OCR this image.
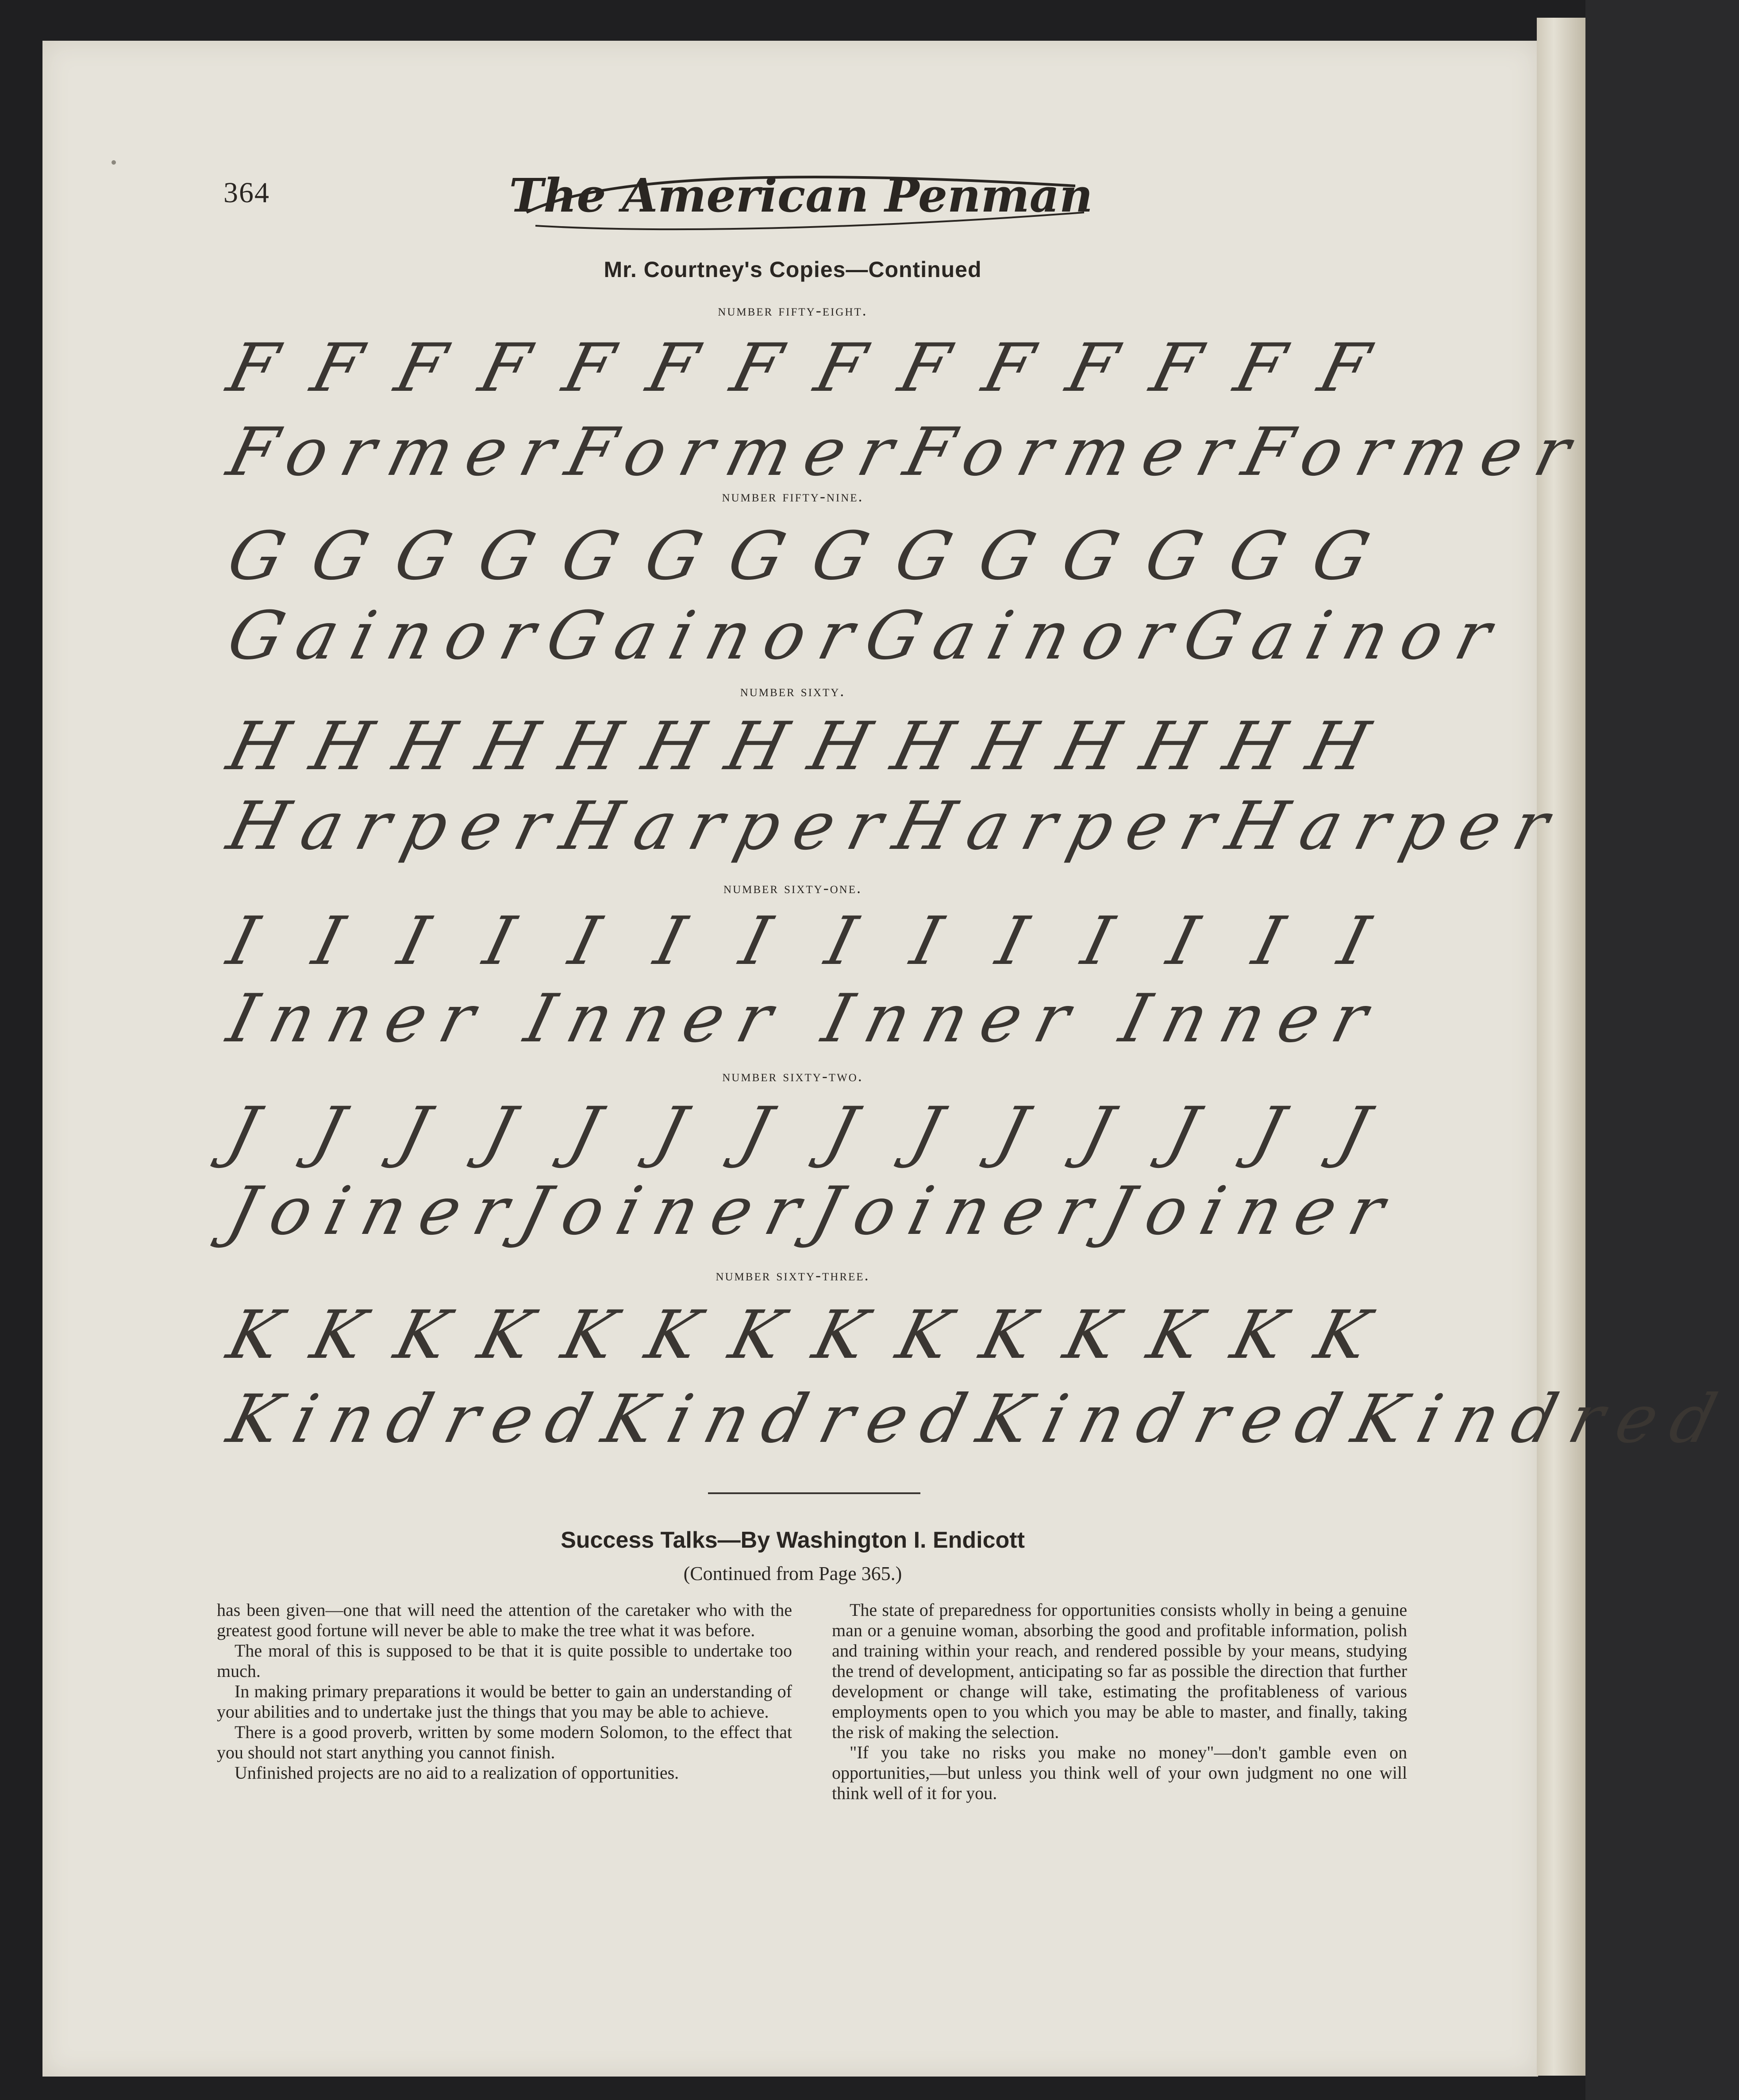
364	The American Penman
Mr. Courtney's Copies—Continued
number fifty-eight.
F F F F F F F F F F F F F F
Former
Former
Former
Former
number fifty-nine.
G
G
G
G
G
G
G
G
G
G
G
G
G
G
Gainor
Gainor
Gainor
Gainor
number sixty.
H
H
H
H
H
H
H
H
H
H
H
H
H
H
Harper
Harper
Harper
Harper
number sixty-one.
I I I I I I I I I I I I I I
Inner Inner Inner Inner
number sixty-two.
J J J J J J J J J J J J J J
Joiner
Joiner
Joiner
Joiner
number sixty-three.
K K K K K K K K K K K K K K
Kindred
Kindred
Kindred
Kindred
Success Talks—By Washington I. Endicott
(Continued from Page 365.)

has been given—one that will need the attention of the caretaker who with the greatest good fortune will never be able to make the tree what it was before.

The moral of this is supposed to be that it is quite possible to undertake too much.

In making primary preparations it would be better to gain an understanding of your abilities and to undertake just the things that you may be able to achieve.

There is a good proverb, written by some modern Solomon, to the effect that you should not start anything you cannot finish.

Unfinished projects are no aid to a realization of opportunities.

The state of preparedness for opportunities consists wholly in being a genuine man or a genuine woman, absorbing the good and profitable information, polish and training within your reach, and rendered possible by your means, studying the trend of development, anticipating so far as possible the direction that further development or change will take, estimating the profitableness of various employments open to you which you may be able to master, and finally, taking the risk of making the selection.

"If you take no risks you make no money"—don't gamble even on opportunities,—but unless you think well of your own judgment no one will think well of it for you.
